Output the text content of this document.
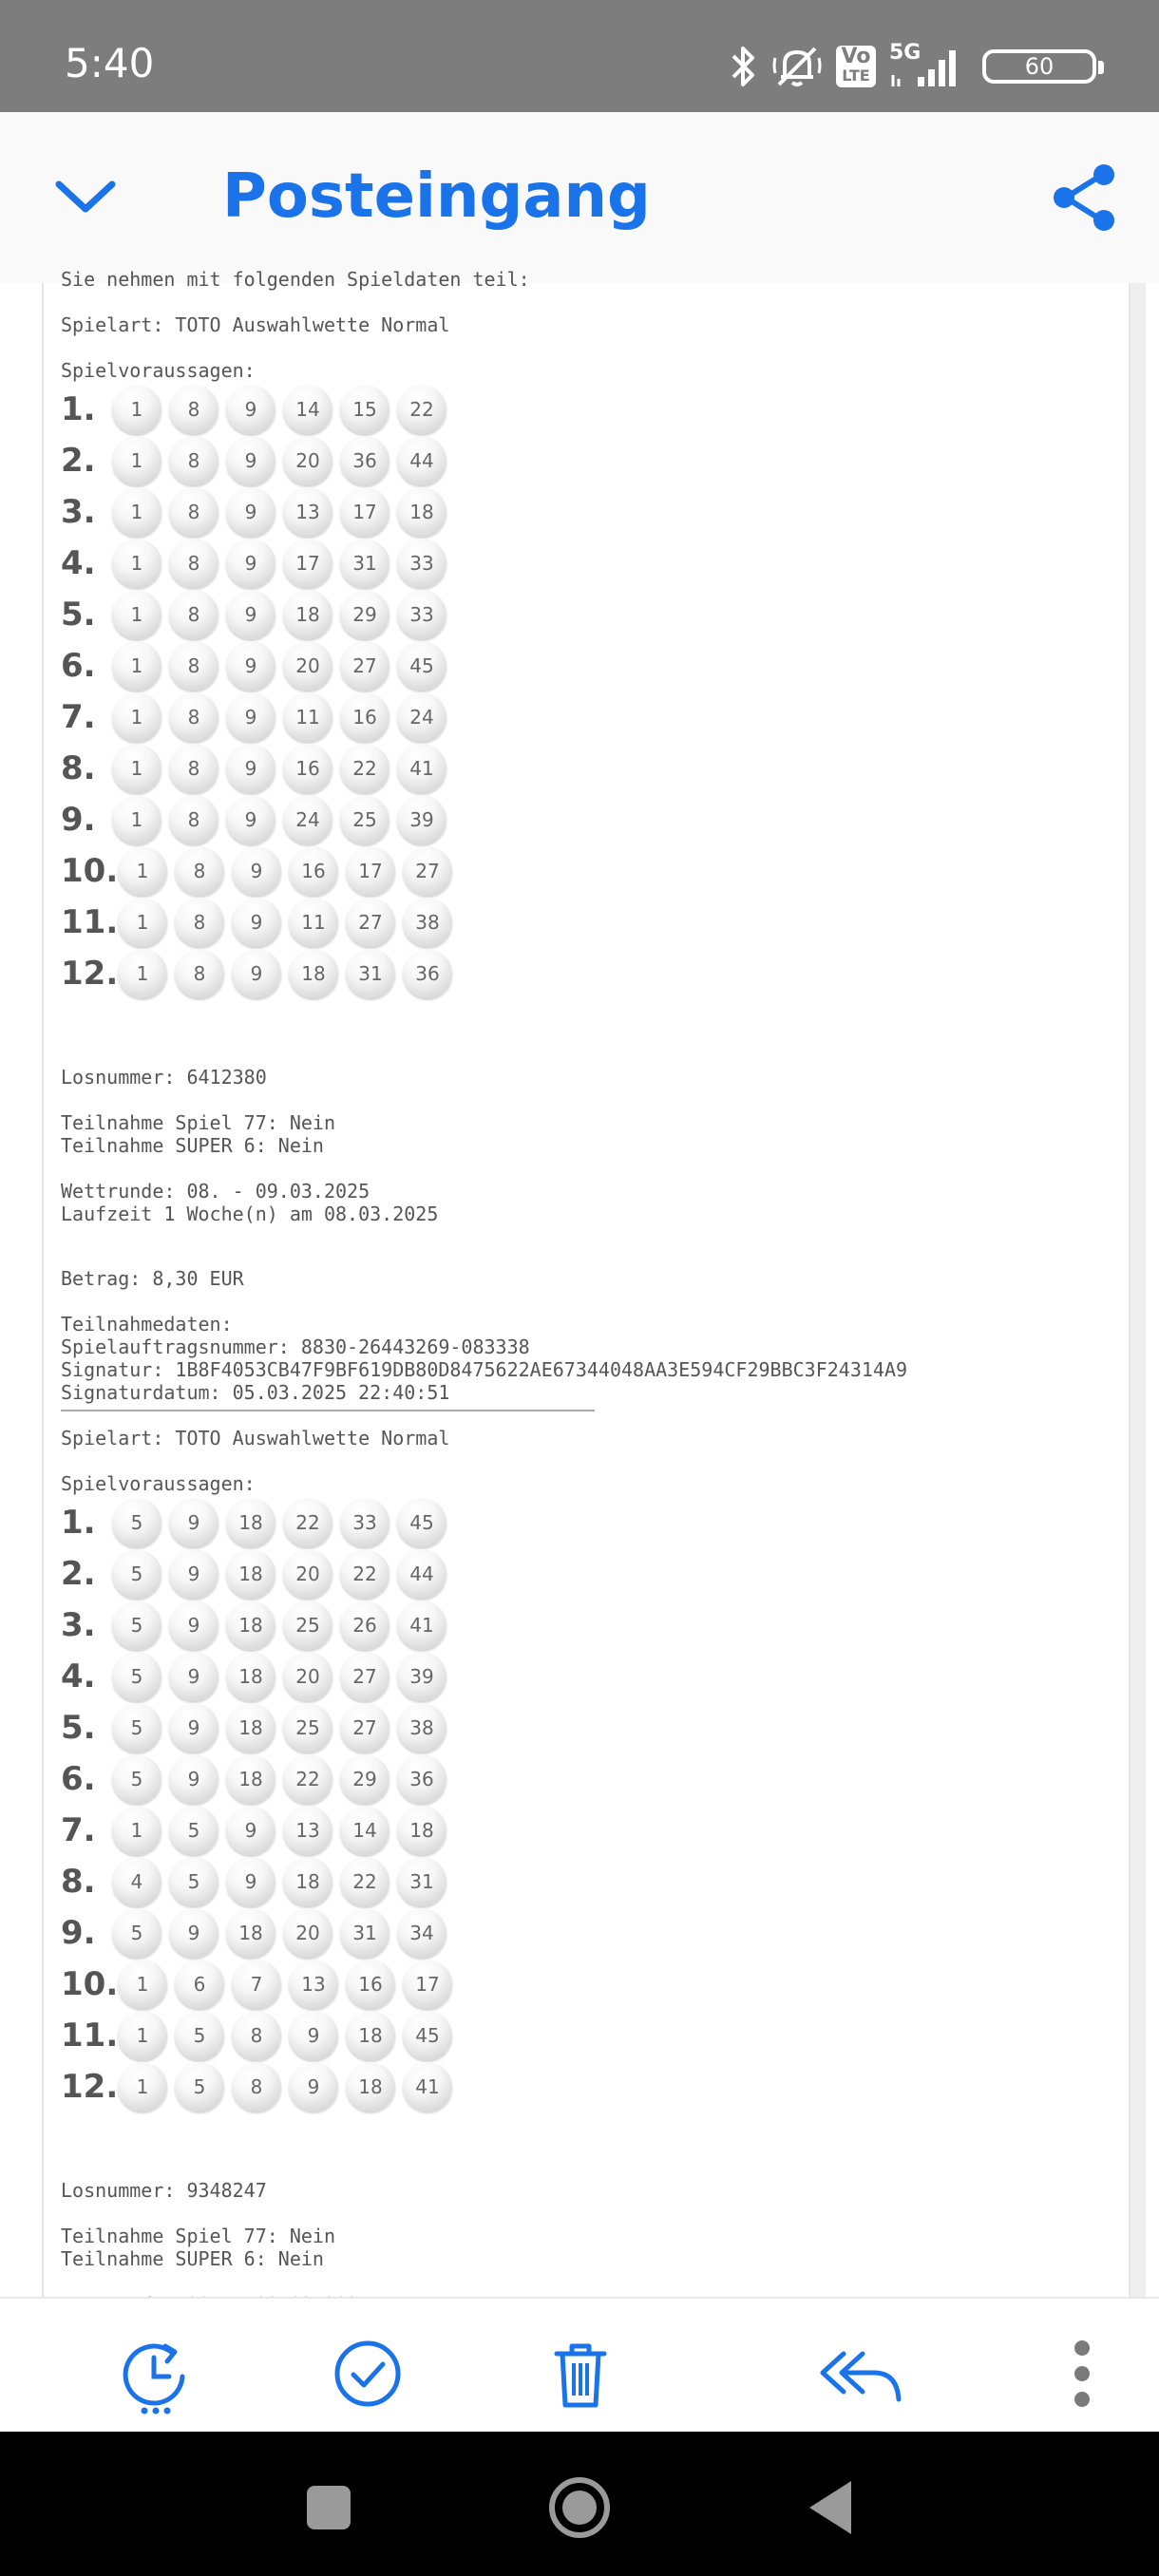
5:40	Vo
LTE
5G
60
Posteingang
Sie nehmen mit folgenden Spieldaten teil:
Spielart: TOTO Auswahlwette Normal
Spielvoraussagen:
1.	1	8	9	14	15	22
2.	1	8	9	20	36	44
3.	1	8	9	13	17	18
4.	1	8	9	17	31	33
5.	1	8	9	18	29	33
6.	1	8	9	20	27	45
7.	1	8	9	11	16	24
8.	1	8	9	16	22	41
9.	1	8	9	24	25	39
10. 1	8	9	16	17	27
11. 1	8	9	11	27	38
12. 1	8	9	18	31	36
Losnummer: 6412380
Teilnahme Spiel 77: Nein
Teilnahme SUPER 6: Nein
Wettrunde: 08. - 09.03.2025
Laufzeit 1 Woche(n) am 08.03.2025
Betrag: 8,30 EUR
Teilnahmedaten:
Spielauftragsnummer: 8830-26443269-083338
Signatur: 1B8F4053CB47F9BF619DB80D8475622AE67344048AA3E594CF29BBC3F24314A9
Signaturdatum: 05.03.2025 22:40:51
Spielart: TOTO Auswahlwette Normal
Spielvoraussagen:
1.	5	9	18	22	33	45
2.	5	9	18	20	22	44
3.	5	9	18	25	26	41
4.	5	9	18	20	27	39
5.	5	9	18	25	27	38
6.	5	9	18	22	29	36
7.	1	5	9	13	14	18
8.	4	5	9	18	22	31
9.	5	9	18	20	31	34
10. 1	6	7	13	16	17
11. 1	5	8	9	18	45
12. 1	5	8	9	18	41
Losnummer: 9348247
Teilnahme Spiel 77: Nein
Teilnahme SUPER 6: Nein
